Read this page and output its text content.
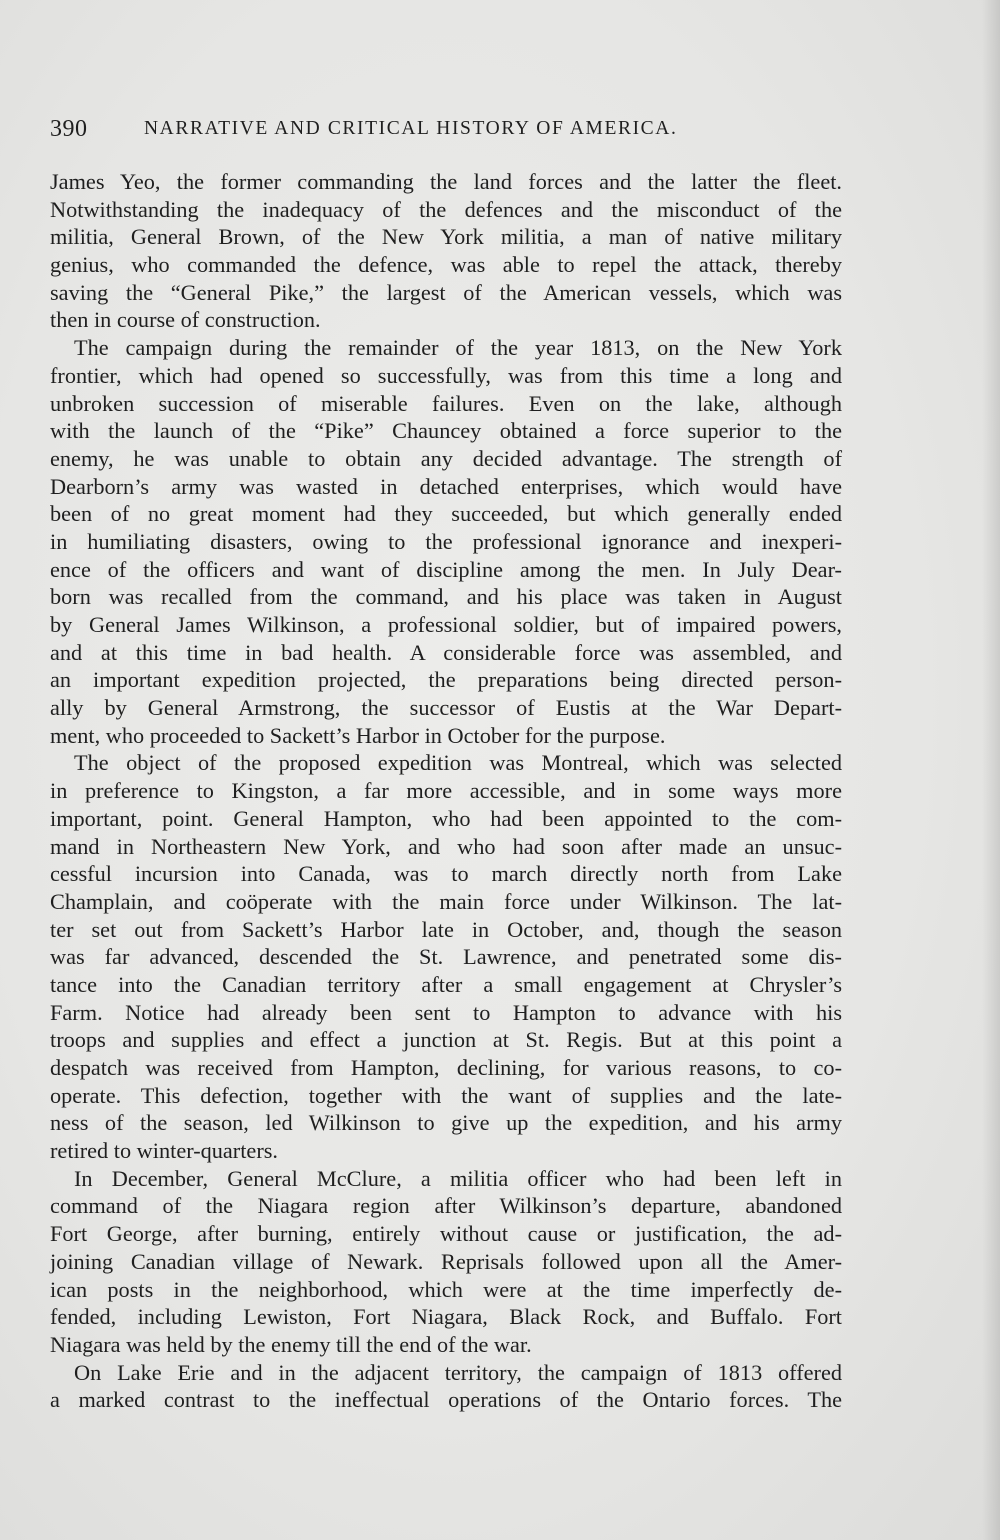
390	NARRATIVE AND CRITICAL HISTORY OF AMERICA.
James Yeo, the former commanding the land forces and the latter the fleet.
Notwithstanding the inadequacy of the defences and the misconduct of the
militia, General Brown, of the New York militia, a man of native military
genius, who commanded the defence, was able to repel the attack, thereby
saving the “General Pike,” the largest of the American vessels, which was
then in course of construction.
The campaign during the remainder of the year 1813, on the New York
frontier, which had opened so successfully, was from this time a long and
unbroken succession of miserable failures. Even on the lake, although
with the launch of the “Pike” Chauncey obtained a force superior to the
enemy, he was unable to obtain any decided advantage. The strength of
Dearborn’s army was wasted in detached enterprises, which would have
been of no great moment had they succeeded, but which generally ended
in humiliating disasters, owing to the professional ignorance and inexperi-
ence of the officers and want of discipline among the men. In July Dear-
born was recalled from the command, and his place was taken in August
by General James Wilkinson, a professional soldier, but of impaired powers,
and at this time in bad health. A considerable force was assembled, and
an important expedition projected, the preparations being directed person-
ally by General Armstrong, the successor of Eustis at the War Depart-
ment, who proceeded to Sackett’s Harbor in October for the purpose.
The object of the proposed expedition was Montreal, which was selected
in preference to Kingston, a far more accessible, and in some ways more
important, point. General Hampton, who had been appointed to the com-
mand in Northeastern New York, and who had soon after made an unsuc-
cessful incursion into Canada, was to march directly north from Lake
Champlain, and coöperate with the main force under Wilkinson. The lat-
ter set out from Sackett’s Harbor late in October, and, though the season
was far advanced, descended the St. Lawrence, and penetrated some dis-
tance into the Canadian territory after a small engagement at Chrysler’s
Farm. Notice had already been sent to Hampton to advance with his
troops and supplies and effect a junction at St. Regis. But at this point a
despatch was received from Hampton, declining, for various reasons, to co-
operate. This defection, together with the want of supplies and the late-
ness of the season, led Wilkinson to give up the expedition, and his army
retired to winter-quarters.
In December, General McClure, a militia officer who had been left in
command of the Niagara region after Wilkinson’s departure, abandoned
Fort George, after burning, entirely without cause or justification, the ad-
joining Canadian village of Newark. Reprisals followed upon all the Amer-
ican posts in the neighborhood, which were at the time imperfectly de-
fended, including Lewiston, Fort Niagara, Black Rock, and Buffalo. Fort
Niagara was held by the enemy till the end of the war.
On Lake Erie and in the adjacent territory, the campaign of 1813 offered
a marked contrast to the ineffectual operations of the Ontario forces. The
